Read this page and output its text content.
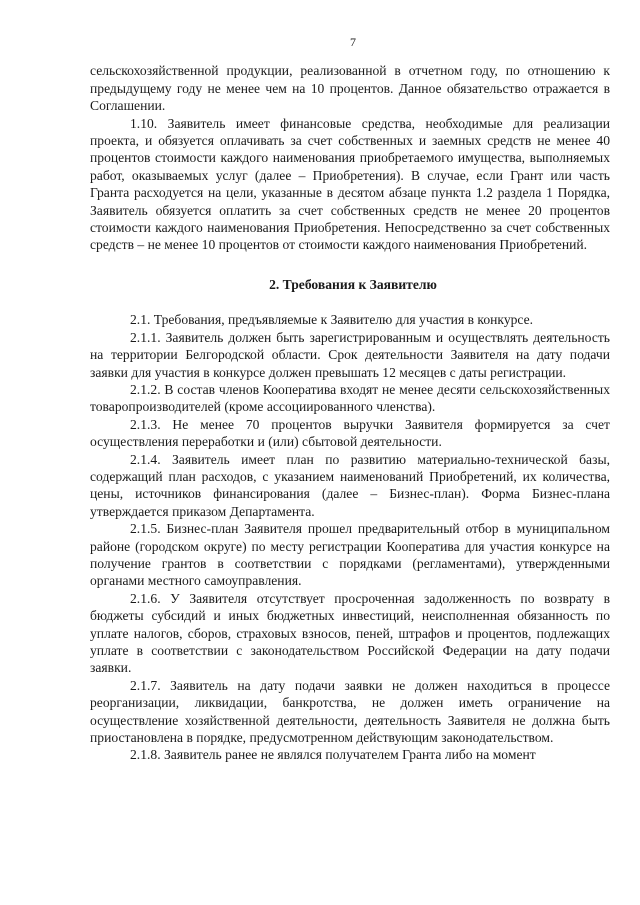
7

сельскохозяйственной продукции, реализованной в отчетном году, по отношению к предыдущему году не менее чем на 10 процентов. Данное обязательство отражается в Соглашении.

1.10. Заявитель имеет финансовые средства, необходимые для реализации проекта, и обязуется оплачивать за счет собственных и заемных средств не менее 40 процентов стоимости каждого наименования приобретаемого имущества, выполняемых работ, оказываемых услуг (далее – Приобретения). В случае, если Грант или часть Гранта расходуется на цели, указанные в десятом абзаце пункта 1.2 раздела 1 Порядка, Заявитель обязуется оплатить за счет собственных средств не менее 20 процентов стоимости каждого наименования Приобретения. Непосредственно за счет собственных средств – не менее 10 процентов от стоимости каждого наименования Приобретений.

2. Требования к Заявителю

2.1. Требования, предъявляемые к Заявителю для участия в конкурсе.

2.1.1. Заявитель должен быть зарегистрированным и осуществлять деятельность на территории Белгородской области. Срок деятельности Заявителя на дату подачи заявки для участия в конкурсе должен превышать 12 месяцев с даты регистрации.

2.1.2. В состав членов Кооператива входят не менее десяти сельскохозяйственных товаропроизводителей (кроме ассоциированного членства).

2.1.3. Не менее 70 процентов выручки Заявителя формируется за счет осуществления переработки и (или) сбытовой деятельности.

2.1.4. Заявитель имеет план по развитию материально-технической базы, содержащий план расходов, с указанием наименований Приобретений, их количества, цены, источников финансирования (далее – Бизнес-план). Форма Бизнес-плана утверждается приказом Департамента.

2.1.5. Бизнес-план Заявителя прошел предварительный отбор в муниципальном районе (городском округе) по месту регистрации Кооператива для участия конкурсе на получение грантов в соответствии с порядками (регламентами), утвержденными органами местного самоуправления.

2.1.6. У Заявителя отсутствует просроченная задолженность по возврату в бюджеты субсидий и иных бюджетных инвестиций, неисполненная обязанность по уплате налогов, сборов, страховых взносов, пеней, штрафов и процентов, подлежащих уплате в соответствии с законодательством Российской Федерации на дату подачи заявки.

2.1.7. Заявитель на дату подачи заявки не должен находиться в процессе реорганизации, ликвидации, банкротства, не должен иметь ограничение на осуществление хозяйственной деятельности, деятельность Заявителя не должна быть приостановлена в порядке, предусмотренном действующим законодательством.

2.1.8. Заявитель ранее не являлся получателем Гранта либо на момент
